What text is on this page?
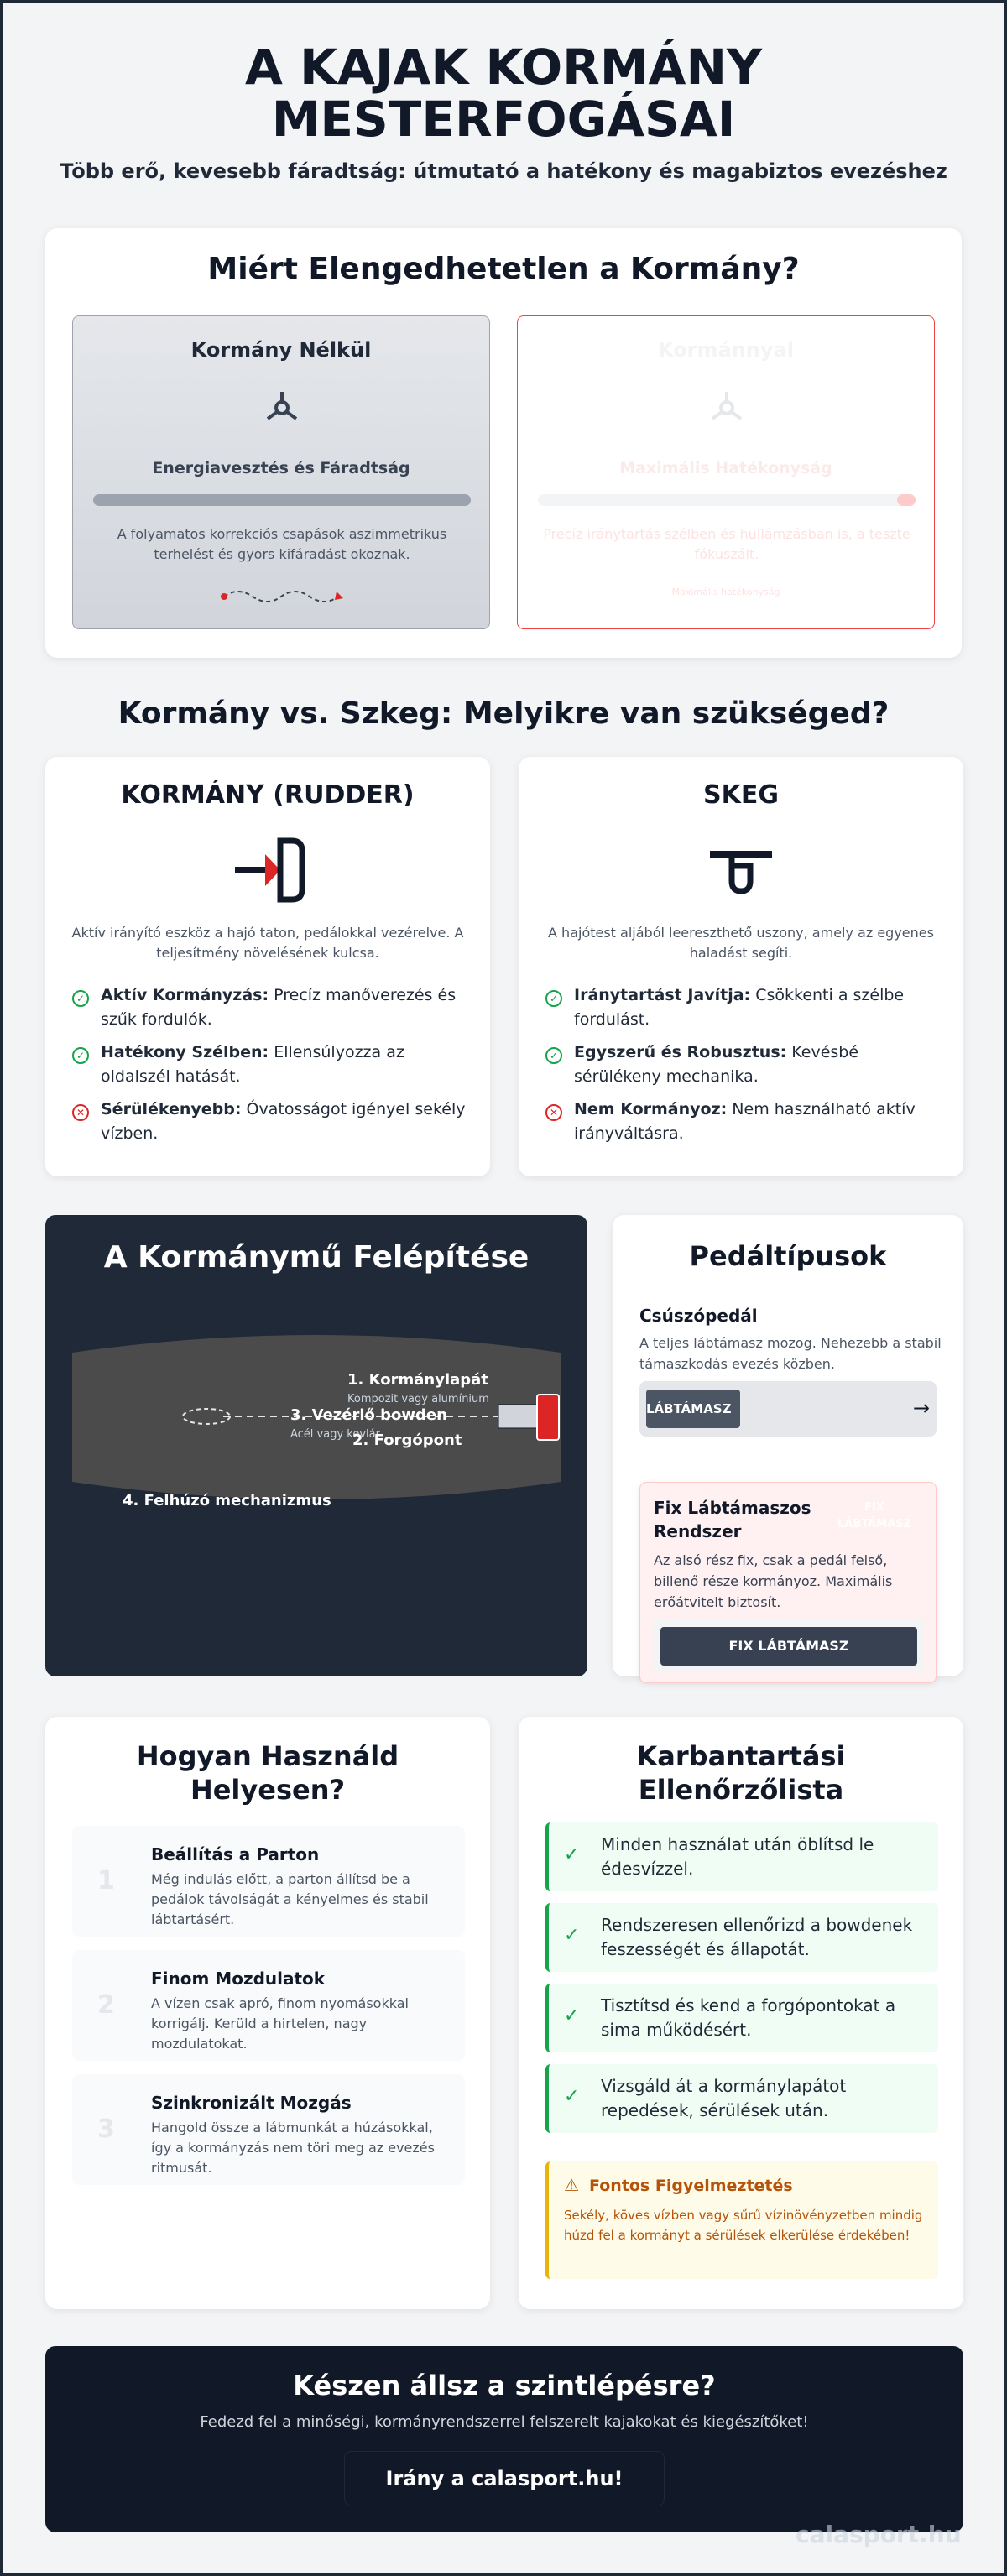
A KAJAK KORMÁNY
MESTERFOGÁSAI
Több erő, kevesebb fáradtság: útmutató a hatékony és magabiztos evezéshez
Miért Elengedhetetlen a Kormány?
Kormány Nélkül
Energiavesztés és Fáradtság
A folyamatos korrekciós csapások aszimmetrikus terhelést és gyors kifáradást okoznak.
Kormánnyal
Maximális Hatékonyság
Precíz iránytartás szélben és hullámzásban is, a teszte fókuszált.
Maximális hatékonyság
Kormány vs. Szkeg: Melyikre van szükséged?
KORMÁNY (RUDDER)
Aktív irányító eszköz a hajó taton, pedálokkal vezérelve. A teljesítmény növelésének kulcsa.
✓ Aktív Kormányzás: Precíz manőverezés és szűk fordulók.
✓ Hatékony Szélben: Ellensúlyozza az oldalszél hatását.
✕ Sérülékenyebb: Óvatosságot igényel sekély vízben.
SKEG
A hajótest aljából leereszthető uszony, amely az egyenes haladást segíti.
✓ Iránytartást Javítja: Csökkenti a szélbe fordulást.
✓ Egyszerű és Robusztus: Kevésbé sérülékeny mechanika.
✕ Nem Kormányoz: Nem használható aktív irányváltásra.
A Kormánymű Felépítése
1. Kormánylapát
Kompozit vagy alumínium
3. Vezérlő bowden
Acél vagy kevlár
2. Forgópont
4. Felhúzó mechanizmus
Pedáltípusok
Csúszópedál
A teljes lábtámasz mozog. Nehezebb a stabil támaszkodás evezés közben.
LÁBTÁMASZ	→
FIX LÁBTÁMASZ
Fix Lábtámaszos Rendszer
Az alsó rész fix, csak a pedál felső, billenő része kormányoz. Maximális erőátvitelt biztosít.
FIX LÁBTÁMASZ
Hogyan Használd
Helyesen?
1
Beállítás a Parton
Még indulás előtt, a parton állítsd be a pedálok távolságát a kényelmes és stabil lábtartásért.
2
Finom Mozdulatok
A vízen csak apró, finom nyomásokkal korrigálj. Kerüld a hirtelen, nagy mozdulatokat.
3
Szinkronizált Mozgás
Hangold össze a lábmunkát a húzásokkal, így a kormányzás nem töri meg az evezés ritmusát.
Karbantartási
Ellenőrzőlista
✓ Minden használat után öblítsd le édesvízzel.
✓ Rendszeresen ellenőrizd a bowdenek feszességét és állapotát.
✓ Tisztítsd és kend a forgópontokat a sima működésért.
✓ Vizsgáld át a kormánylapátot repedések, sérülések után.
⚠ Fontos Figyelmeztetés
Sekély, köves vízben vagy sűrű vízinövényzetben mindig húzd fel a kormányt a sérülések elkerülése érdekében!
Készen állsz a szintlépésre?
Fedezd fel a minőségi, kormányrendszerrel felszerelt kajakokat és kiegészítőket!
Irány a calasport.hu!
calasport.hu
